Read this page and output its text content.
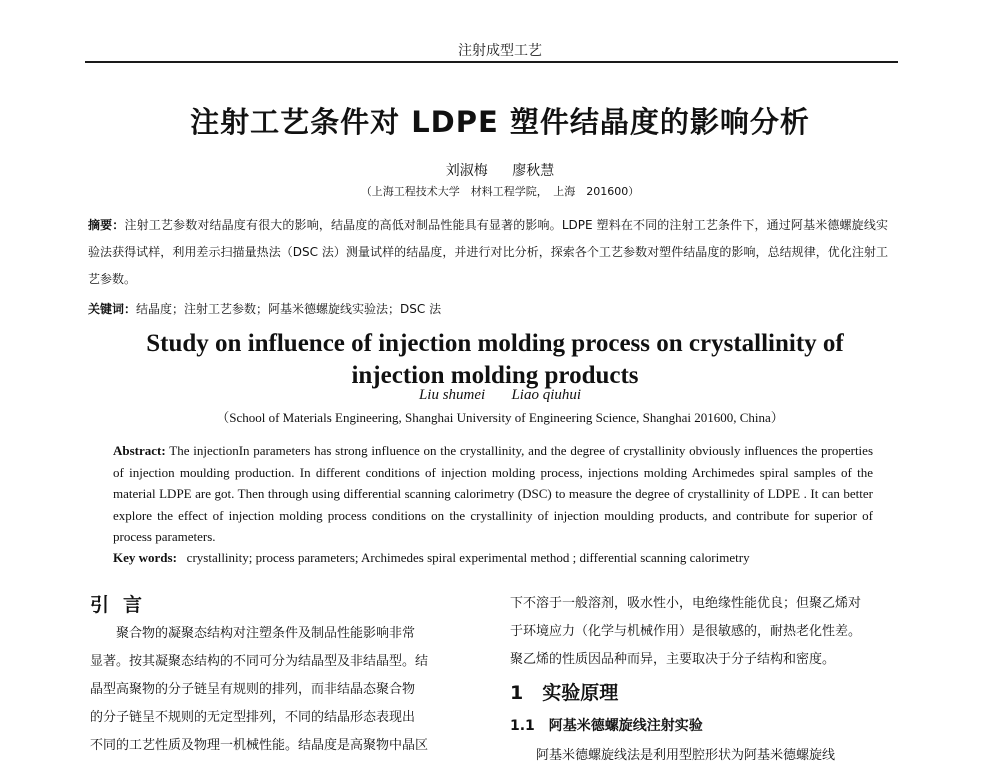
注射成型工艺
注射工艺条件对 LDPE 塑件结晶度的影响分析
刘淑梅　 廖秋慧
（上海工程技术大学　材料工程学院，　上海　201600）
摘要：注射工艺参数对结晶度有很大的影响，结晶度的高低对制品性能具有显著的影响。LDPE 塑料在不同的注射工艺条件下，通过阿基米德螺旋线实验法获得试样，利用差示扫描量热法（DSC 法）测量试样的结晶度，并进行对比分析，探索各个工艺参数对塑件结晶度的影响，总结规律，优化注射工艺参数。
关键词：结晶度；注射工艺参数；阿基米德螺旋线实验法；DSC 法
Study on influence of injection molding process on crystallinity of injection molding products
Liu shumei       Liao qiuhui
（School of Materials Engineering, Shanghai University of Engineering Science, Shanghai 201600, China）
Abstract: The injectionIn parameters has strong influence on the crystallinity, and the degree of crystallinity obviously influences the properties of injection moulding production. In different conditions of injection molding process, injections molding Archimedes spiral samples of the material LDPE are got. Then through using differential scanning calorimetry (DSC) to measure the degree of crystallinity of LDPE . It can better explore the effect of injection molding process conditions on the crystallinity of injection moulding products, and contribute for superior of process parameters.
Key words: crystallinity; process parameters; Archimedes spiral experimental method ; differential scanning calorimetry
引言
聚合物的凝聚态结构对注塑条件及制品性能影响非常
显著。按其凝聚态结构的不同可分为结晶型及非结晶型。结
晶型高聚物的分子链呈有规则的排列，而非结晶态聚合物
的分子链呈不规则的无定型排列，不同的结晶形态表现出
不同的工艺性质及物理一机械性能。结晶度是高聚物中晶区
下不溶于一般溶剂，吸水性小，电绝缘性能优良；但聚乙烯对
于环境应力（化学与机械作用）是很敏感的，耐热老化性差。
聚乙烯的性质因品种而异，主要取决于分子结构和密度。
1　实验原理
1.1　阿基米德螺旋线注射实验
阿基米德螺旋线法是利用型腔形状为阿基米德螺旋线
